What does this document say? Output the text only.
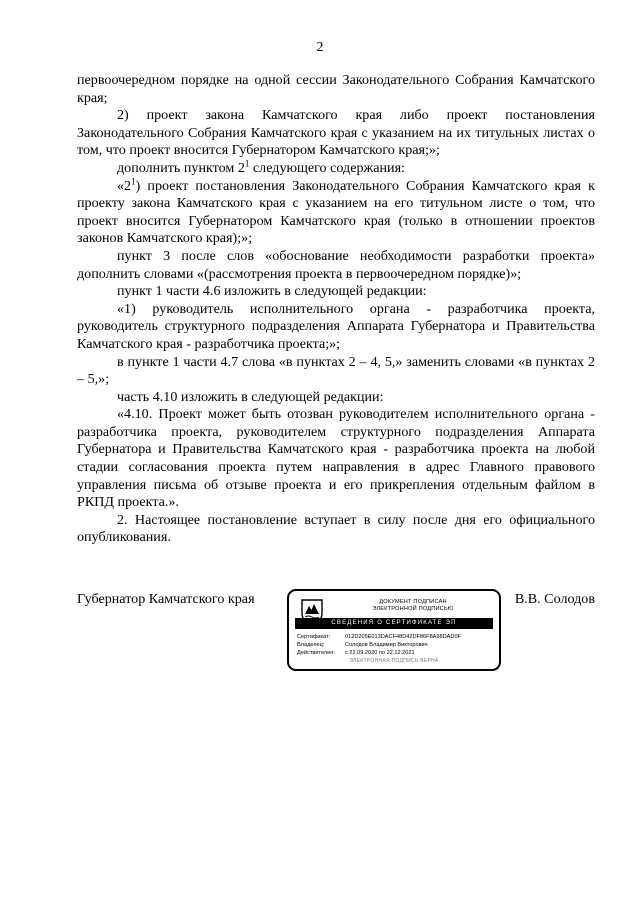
2

первоочередном порядке на одной сессии Законодательного Собрания Камчатского края;

2) проект закона Камчатского края либо проект постановления Законодательного Собрания Камчатского края с указанием на их титульных листах о том, что проект вносится Губернатором Камчатского края;»;

дополнить пунктом $2^1$ следующего содержания:

«$2^1$) проект постановления Законодательного Собрания Камчатского края к проекту закона Камчатского края с указанием на его титульном листе о том, что проект вносится Губернатором Камчатского края (только в отношении проектов законов Камчатского края);»;

пункт 3 после слов «обоснование необходимости разработки проекта» дополнить словами «(рассмотрения проекта в первоочередном порядке)»;

пункт 1 части 4.6 изложить в следующей редакции:

«1) руководитель исполнительного органа - разработчика проекта, руководитель структурного подразделения Аппарата Губернатора и Правительства Камчатского края - разработчика проекта;»;

в пункте 1 части 4.7 слова «в пунктах 2 – 4, 5,» заменить словами «в пунктах 2 – 5,»;

часть 4.10 изложить в следующей редакции:

«4.10. Проект может быть отозван руководителем исполнительного органа - разработчика проекта, руководителем структурного подразделения Аппарата Губернатора и Правительства Камчатского края - разработчика проекта на любой стадии согласования проекта путем направления в адрес Главного правового управления письма об отзыве проекта и его прикрепления отдельным файлом в РКПД проекта.».

2. Настоящее постановление вступает в силу после дня его официального опубликования.

Губернатор Камчатского края	ДОКУМЕНТ ПОДПИСАН
ЭЛЕКТРОННОЙ ПОДПИСЬЮ
СВЕДЕНИЯ О СЕРТИФИКАТЕ ЭП
Сертификат:	012D205E013DACF48D42DF86F8A98DAD0F
Владелец:	Солодов Владимир Викторович
Действителен:	с 22.09.2020 по 22.12.2021
ЭЛЕКТРОННАЯ ПОДПИСЬ ВЕРНА
В.В. Солодов
